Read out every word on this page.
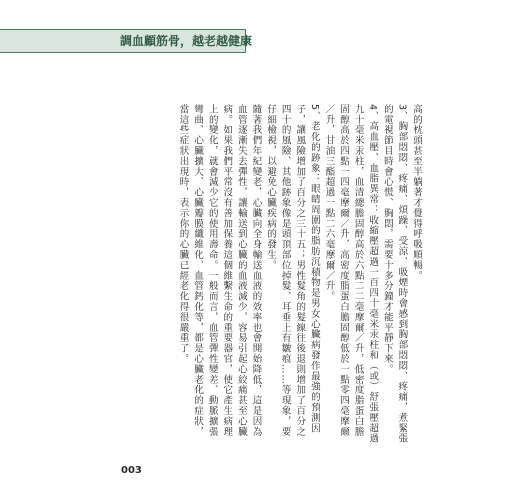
調血顧筋骨，越老越健康

高的枕頭甚至半躺著才覺得呼吸順暢。

3、胸部悶悶、疼痛、煩躁、受涼、吸煙時會感到胸部悶悶、疼痛，煮緊張的電視節目時會心慌、胸悶，需要十多分鐘才能平靜下來。

4、高血壓、血脂異常：收縮壓超過一百四十毫米汞柱和（或）舒張壓超過九十毫米汞柱，血清總膽固醇高於六點二二毫摩爾／升，低密度脂蛋白膽固醇高於四點一四毫摩爾／升，高密度脂蛋白膽固醇低於一點零四毫摩爾／升，甘油三酯超過一點二六毫摩爾／升。

5、老化的跡象：眼睛周圍的脂肪沉積物是男女心臟病發作最強的預測因子，讓風險增加了百分之三十五；男性髮角的髮線往後退則增加了百分之四十的風險，其他跡象像是頭頂部位掉髮、耳垂上有皺痕……等現象，要仔細檢視，以避免心臟疾病的發生。

隨著我們年紀變老，心臟向全身輸送血液的效率也會開始降低，這是因為血管逐漸失去彈性，讓輸送到心臟的血液減少，容易引起心絞痛甚至心臟病。如果我們平常沒有善加保養這個維繫生命的重要器官，使它產生病理上的變化，就會減少它的使用壽命。一般而言，血管彈性變差、動脈擴張彎曲、心臟擴大、心臟瓣膜纖維化、血管鈣化等，都是心臟老化的症狀，當這些症狀出現時，表示你的心臟已經老化得很嚴重了。

003
